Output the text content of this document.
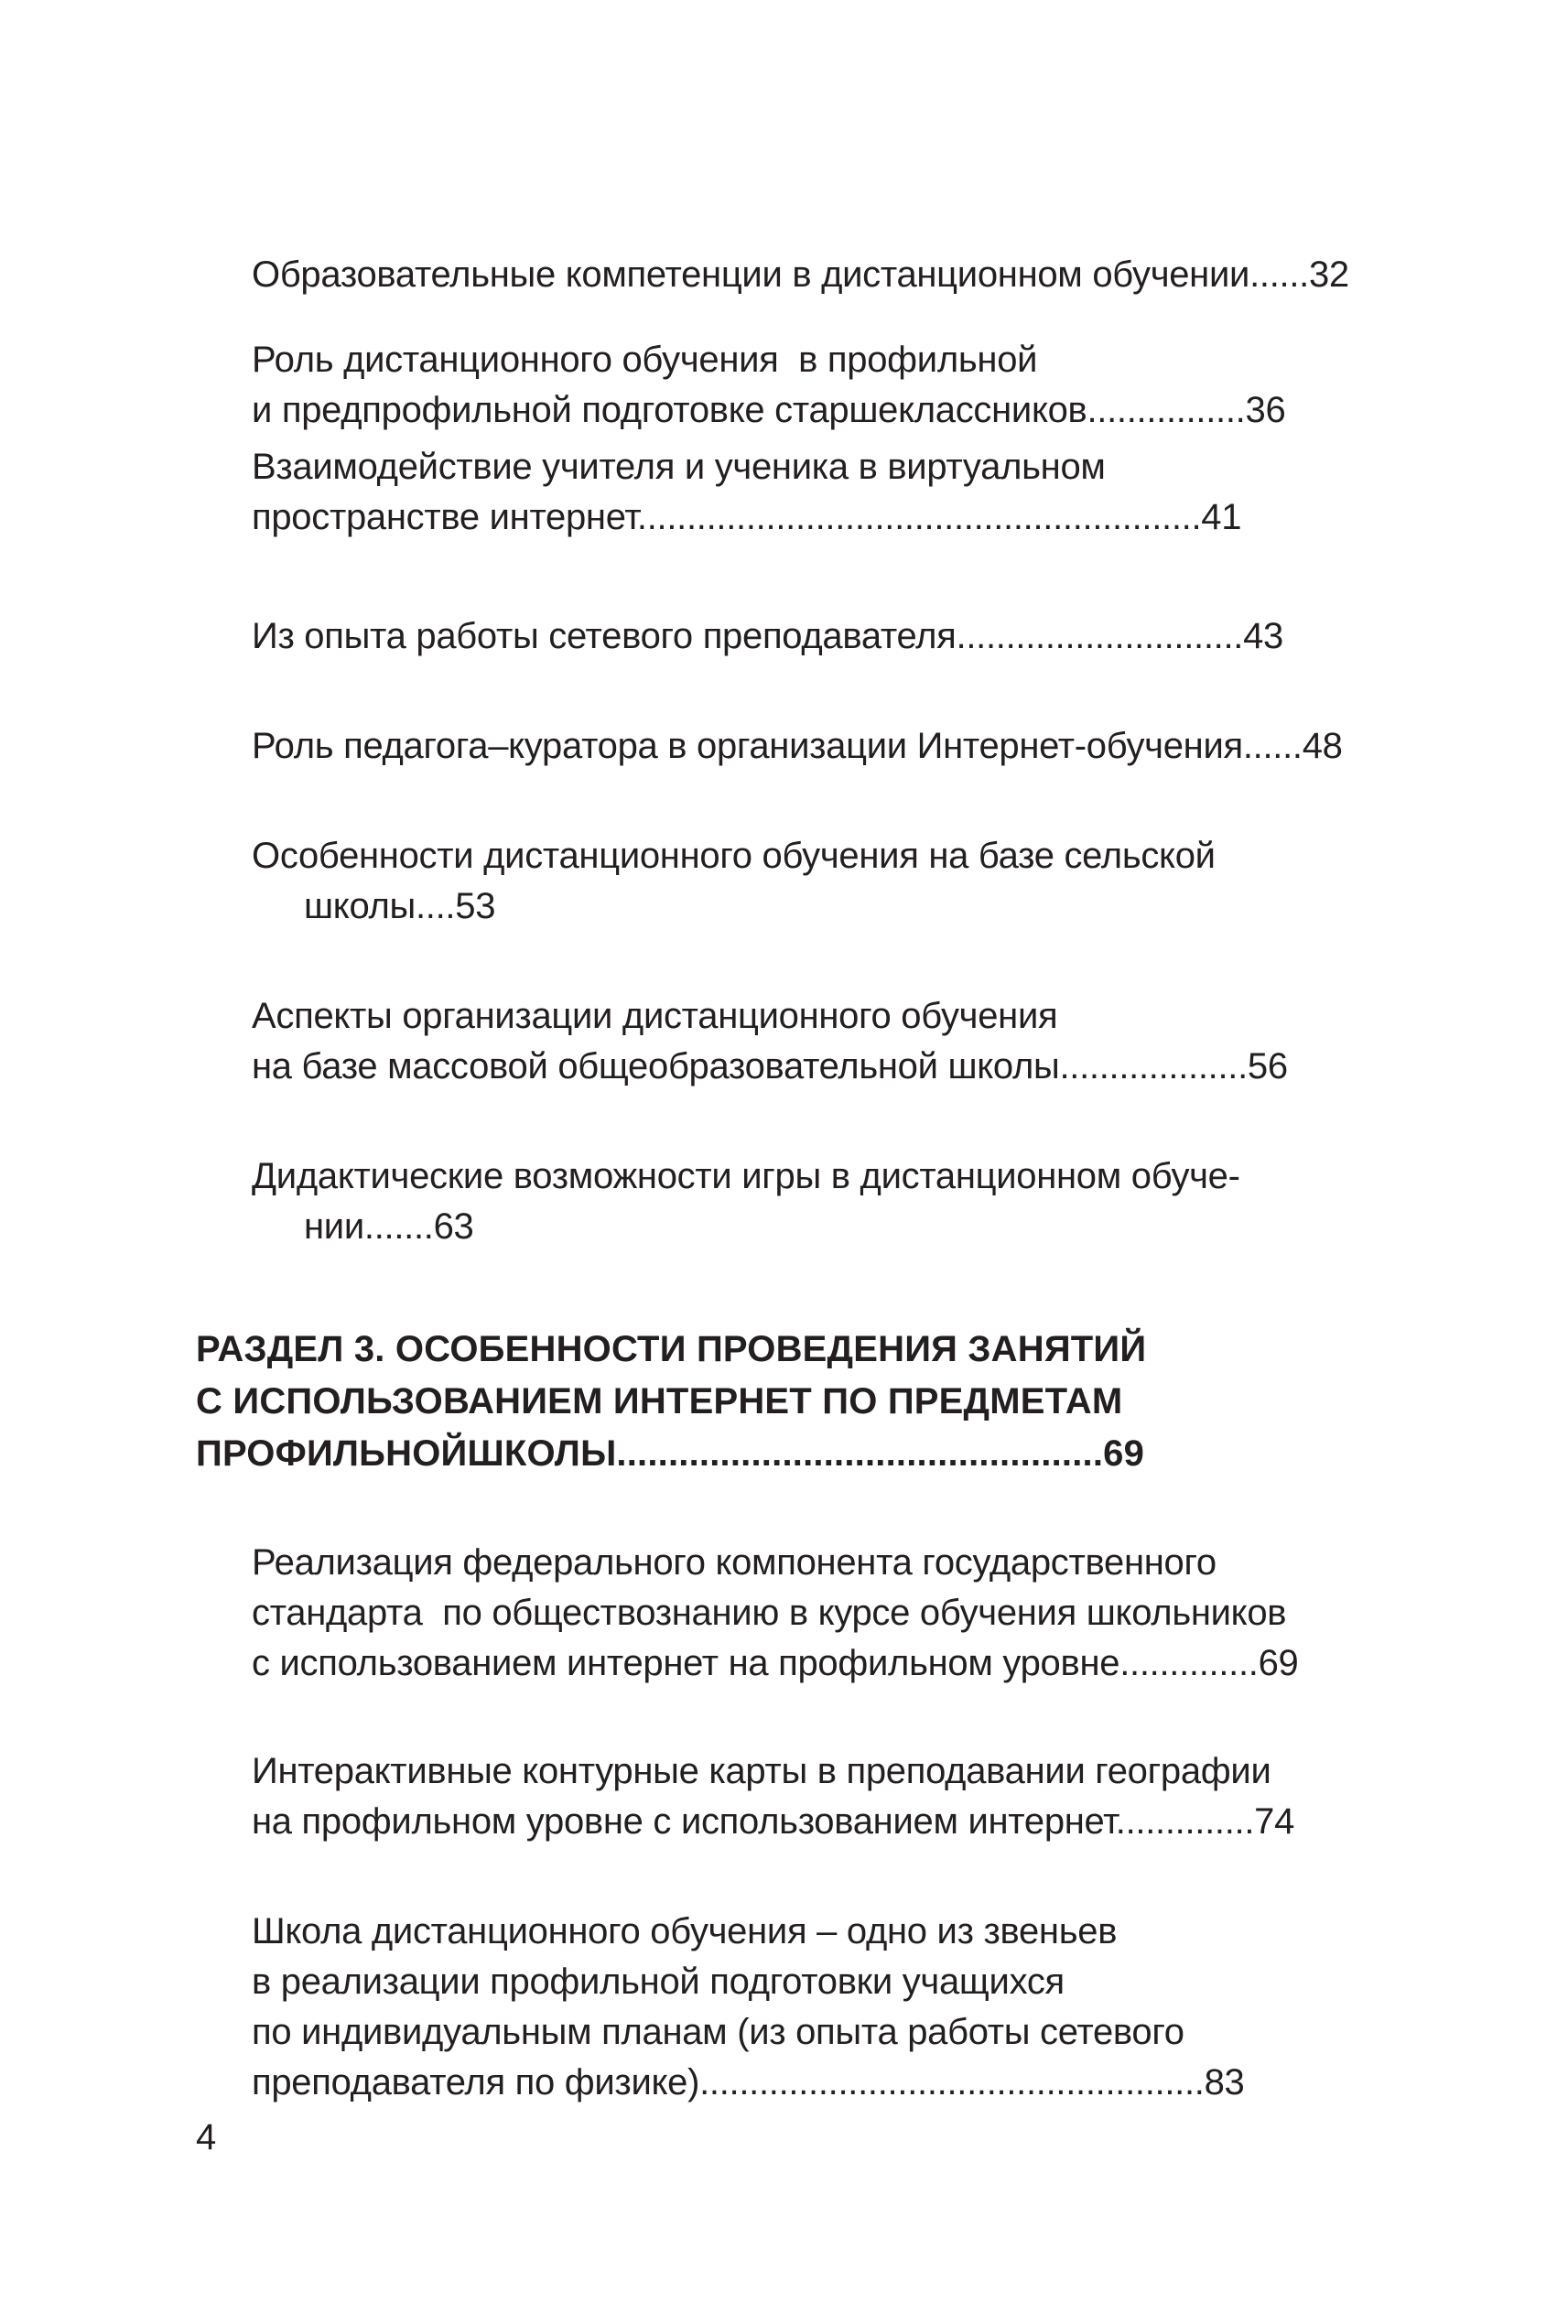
Образовательные компетенции в дистанционном обучении......32
Роль дистанционного обучения  в профильной
и предпрофильной подготовке старшеклассников................36
Взаимодействие учителя и ученика в виртуальном
пространстве интернет.........................................................41
Из опыта работы сетевого преподавателя.............................43
Роль педагога–куратора в организации Интернет-обучения......48
Особенности дистанционного обучения на базе сельской
школы....53
Аспекты организации дистанционного обучения
на базе массовой общеобразовательной школы...................56
Дидактические возможности игры в дистанционном обуче-
нии.......63
РАЗДЕЛ 3. ОСОБЕННОСТИ ПРОВЕДЕНИЯ ЗАНЯТИЙ
С ИСПОЛЬЗОВАНИЕМ ИНТЕРНЕТ ПО ПРЕДМЕТАМ
ПРОФИЛЬНОЙШКОЛЫ...............................................69
Реализация федерального компонента государственного
стандарта  по обществознанию в курсе обучения школьников
с использованием интернет на профильном уровне..............69
Интерактивные контурные карты в преподавании географии
на профильном уровне с использованием интернет..............74
Школа дистанционного обучения – одно из звеньев
в реализации профильной подготовки учащихся
по индивидуальным планам (из опыта работы сетевого
преподавателя по физике)...................................................83
4
